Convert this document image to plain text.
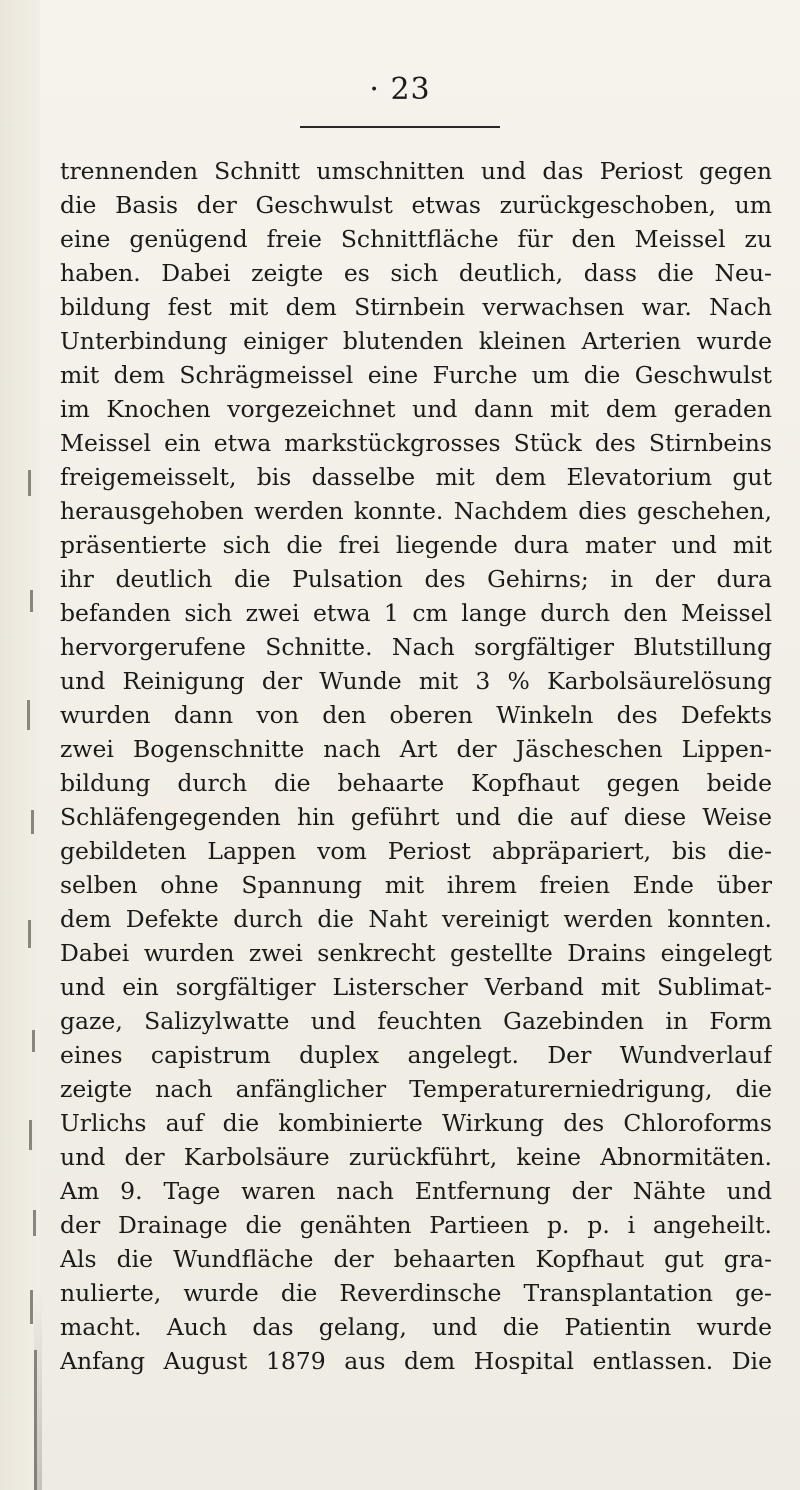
· 23
trennenden Schnitt umschnitten und das Periost gegen
die Basis der Geschwulst etwas zurückgeschoben, um
eine genügend freie Schnittfläche für den Meissel zu
haben. Dabei zeigte es sich deutlich, dass die Neu-
bildung fest mit dem Stirnbein verwachsen war. Nach
Unterbindung einiger blutenden kleinen Arterien wurde
mit dem Schrägmeissel eine Furche um die Geschwulst
im Knochen vorgezeichnet und dann mit dem geraden
Meissel ein etwa markstückgrosses Stück des Stirnbeins
freigemeisselt, bis dasselbe mit dem Elevatorium gut
herausgehoben werden konnte. Nachdem dies geschehen,
präsentierte sich die frei liegende dura mater und mit
ihr deutlich die Pulsation des Gehirns; in der dura
befanden sich zwei etwa 1 cm lange durch den Meissel
hervorgerufene Schnitte. Nach sorgfältiger Blutstillung
und Reinigung der Wunde mit 3 % Karbolsäurelösung
wurden dann von den oberen Winkeln des Defekts
zwei Bogenschnitte nach Art der Jäscheschen Lippen-
bildung durch die behaarte Kopfhaut gegen beide
Schläfengegenden hin geführt und die auf diese Weise
gebildeten Lappen vom Periost abpräpariert, bis die-
selben ohne Spannung mit ihrem freien Ende über
dem Defekte durch die Naht vereinigt werden konnten.
Dabei wurden zwei senkrecht gestellte Drains eingelegt
und ein sorgfältiger Listerscher Verband mit Sublimat-
gaze, Salizylwatte und feuchten Gazebinden in Form
eines capistrum duplex angelegt. Der Wundverlauf
zeigte nach anfänglicher Temperaturerniedrigung, die
Urlichs auf die kombinierte Wirkung des Chloroforms
und der Karbolsäure zurückführt, keine Abnormitäten.
Am 9. Tage waren nach Entfernung der Nähte und
der Drainage die genähten Partieen p. p. i angeheilt.
Als die Wundfläche der behaarten Kopfhaut gut gra-
nulierte, wurde die Reverdinsche Transplantation ge-
macht. Auch das gelang, und die Patientin wurde
Anfang August 1879 aus dem Hospital entlassen. Die
